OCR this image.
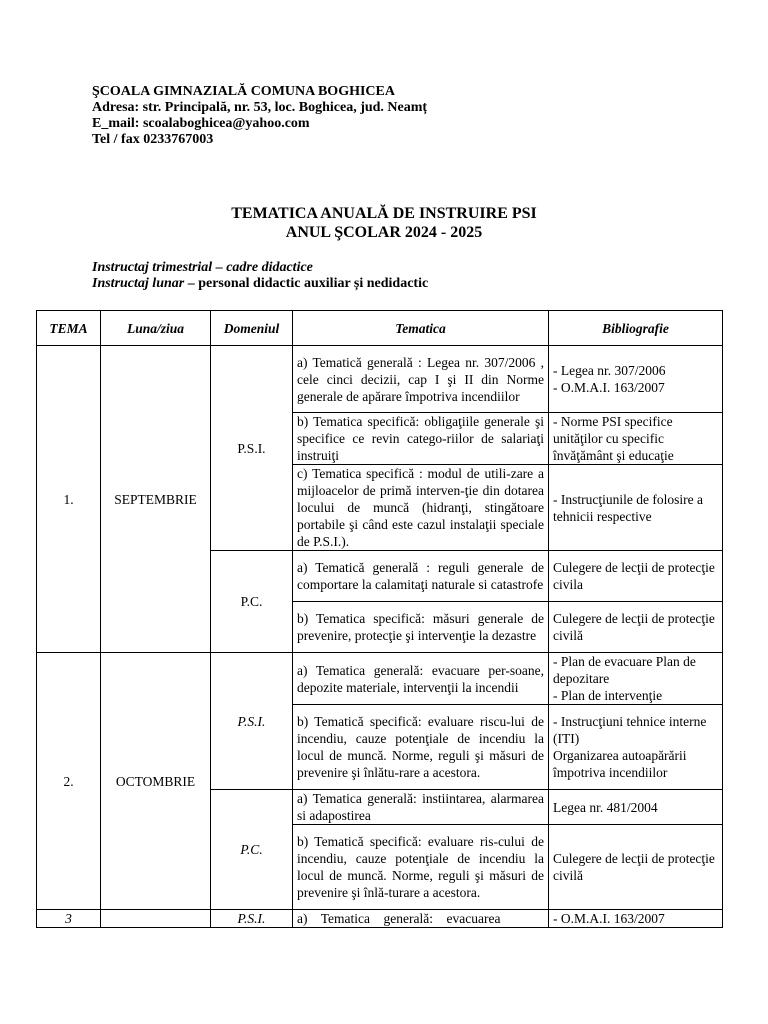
ŞCOALA GIMNAZIALĂ COMUNA BOGHICEA
Adresa: str. Principală, nr. 53, loc. Boghicea, jud. Neamț
E_mail: scoalaboghicea@yahoo.com
Tel / fax 0233767003
TEMATICA ANUALĂ DE INSTRUIRE PSI
ANUL ŞCOLAR 2024 - 2025
Instructaj trimestrial – cadre didactice
Instructaj lunar – personal didactic auxiliar și nedidactic
TEMA	Luna/ziua	Domeniul	Tematica	Bibliografie
1.	SEPTEMBRIE	P.S.I.	a) Tematică generală : Legea nr. 307/2006 , cele cinci decizii, cap I şi II din Norme generale de apărare împotriva incendiilor	- Legea nr. 307/2006
- O.M.A.I. 163/2007
			b) Tematica specifică: obligaţiile generale şi specifice ce revin catego-riilor de salariaţi instruiţi	- Norme PSI specifice unităţilor cu specific învăţământ şi educaţie
			c) Tematica specifică : modul de utili-zare a mijloacelor de primă interven-ţie din dotarea locului de muncă (hidranţi, stingătoare portabile şi când este cazul instalaţii speciale de P.S.I.).	- Instrucţiunile de folosire a tehnicii respective
		P.C.	a) Tematică generală : reguli generale de comportare la calamitaţi naturale si catastrofe	Culegere de lecţii de protecţie civila
			b) Tematica specifică: măsuri generale de prevenire, protecţie şi intervenţie la dezastre	Culegere de lecţii de protecţie civilă
2.	OCTOMBRIE	P.S.I.	a) Tematica generală: evacuare per-soane, depozite materiale, intervenţii la incendii	- Plan de evacuare Plan de depozitare
- Plan de intervenţie
			b) Tematică specifică: evaluare riscu-lui de incendiu, cauze potenţiale de incendiu la locul de muncă. Norme, reguli şi măsuri de prevenire şi înlătu-rare a acestora.	- Instrucţiuni tehnice interne (ITI)
Organizarea autoapărării împotriva incendiilor
		P.C.	a) Tematica generală: instiintarea, alarmarea si adapostirea	Legea nr. 481/2004
			b) Tematică specifică: evaluare ris-cului de incendiu, cauze potenţiale de incendiu la locul de muncă. Norme, reguli şi măsuri de prevenire şi înlă-turare a acestora.	Culegere de lecţii de protecţie civilă
3		P.S.I.	a)    Tematica    generală:    evacuarea	- O.M.A.I. 163/2007
